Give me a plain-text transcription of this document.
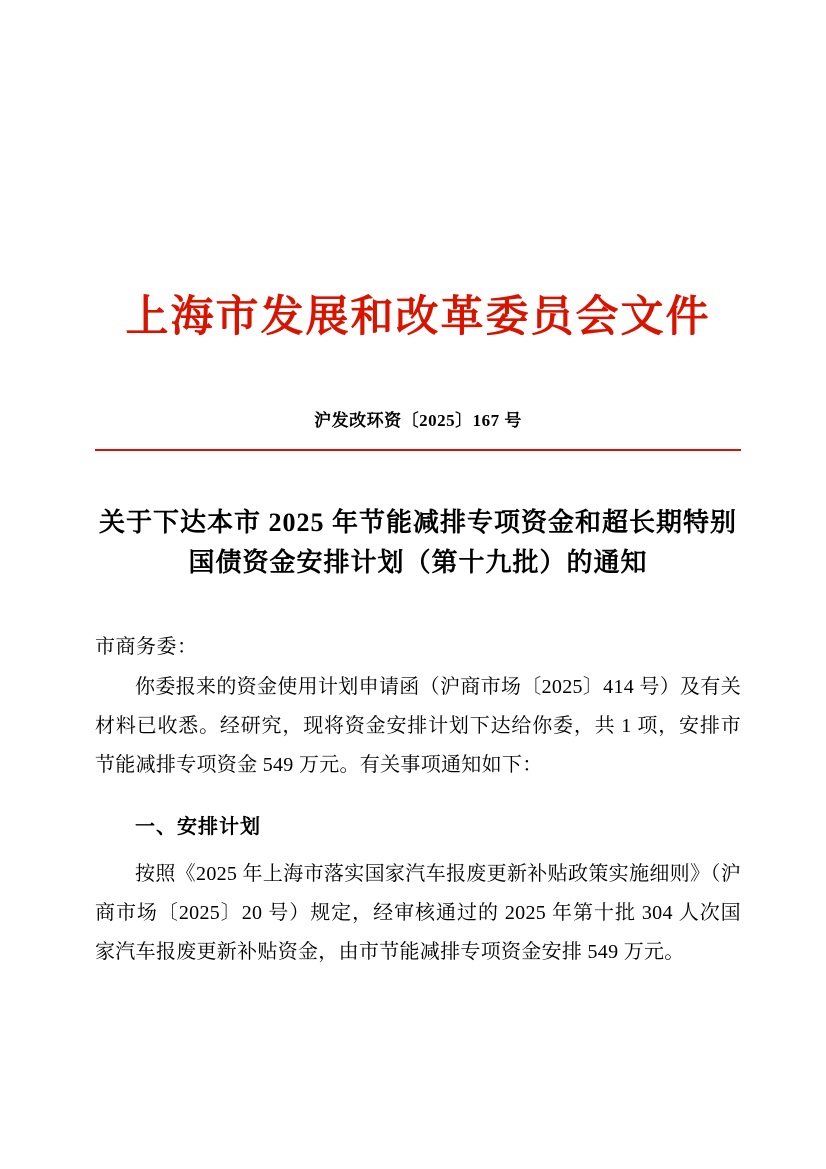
上海市发展和改革委员会文件
沪发改环资〔2025〕167 号
关于下达本市 2025 年节能减排专项资金和超长期特别国债资金安排计划（第十九批）的通知
市商务委：
你委报来的资金使用计划申请函（沪商市场〔2025〕414 号）及有关材料已收悉。经研究，现将资金安排计划下达给你委，共 1 项，安排市节能减排专项资金 549 万元。有关事项通知如下：
一、安排计划
按照《2025 年上海市落实国家汽车报废更新补贴政策实施细则》（沪商市场〔2025〕20 号）规定，经审核通过的 2025 年第十批 304 人次国家汽车报废更新补贴资金，由市节能减排专项资金安排 549 万元。
